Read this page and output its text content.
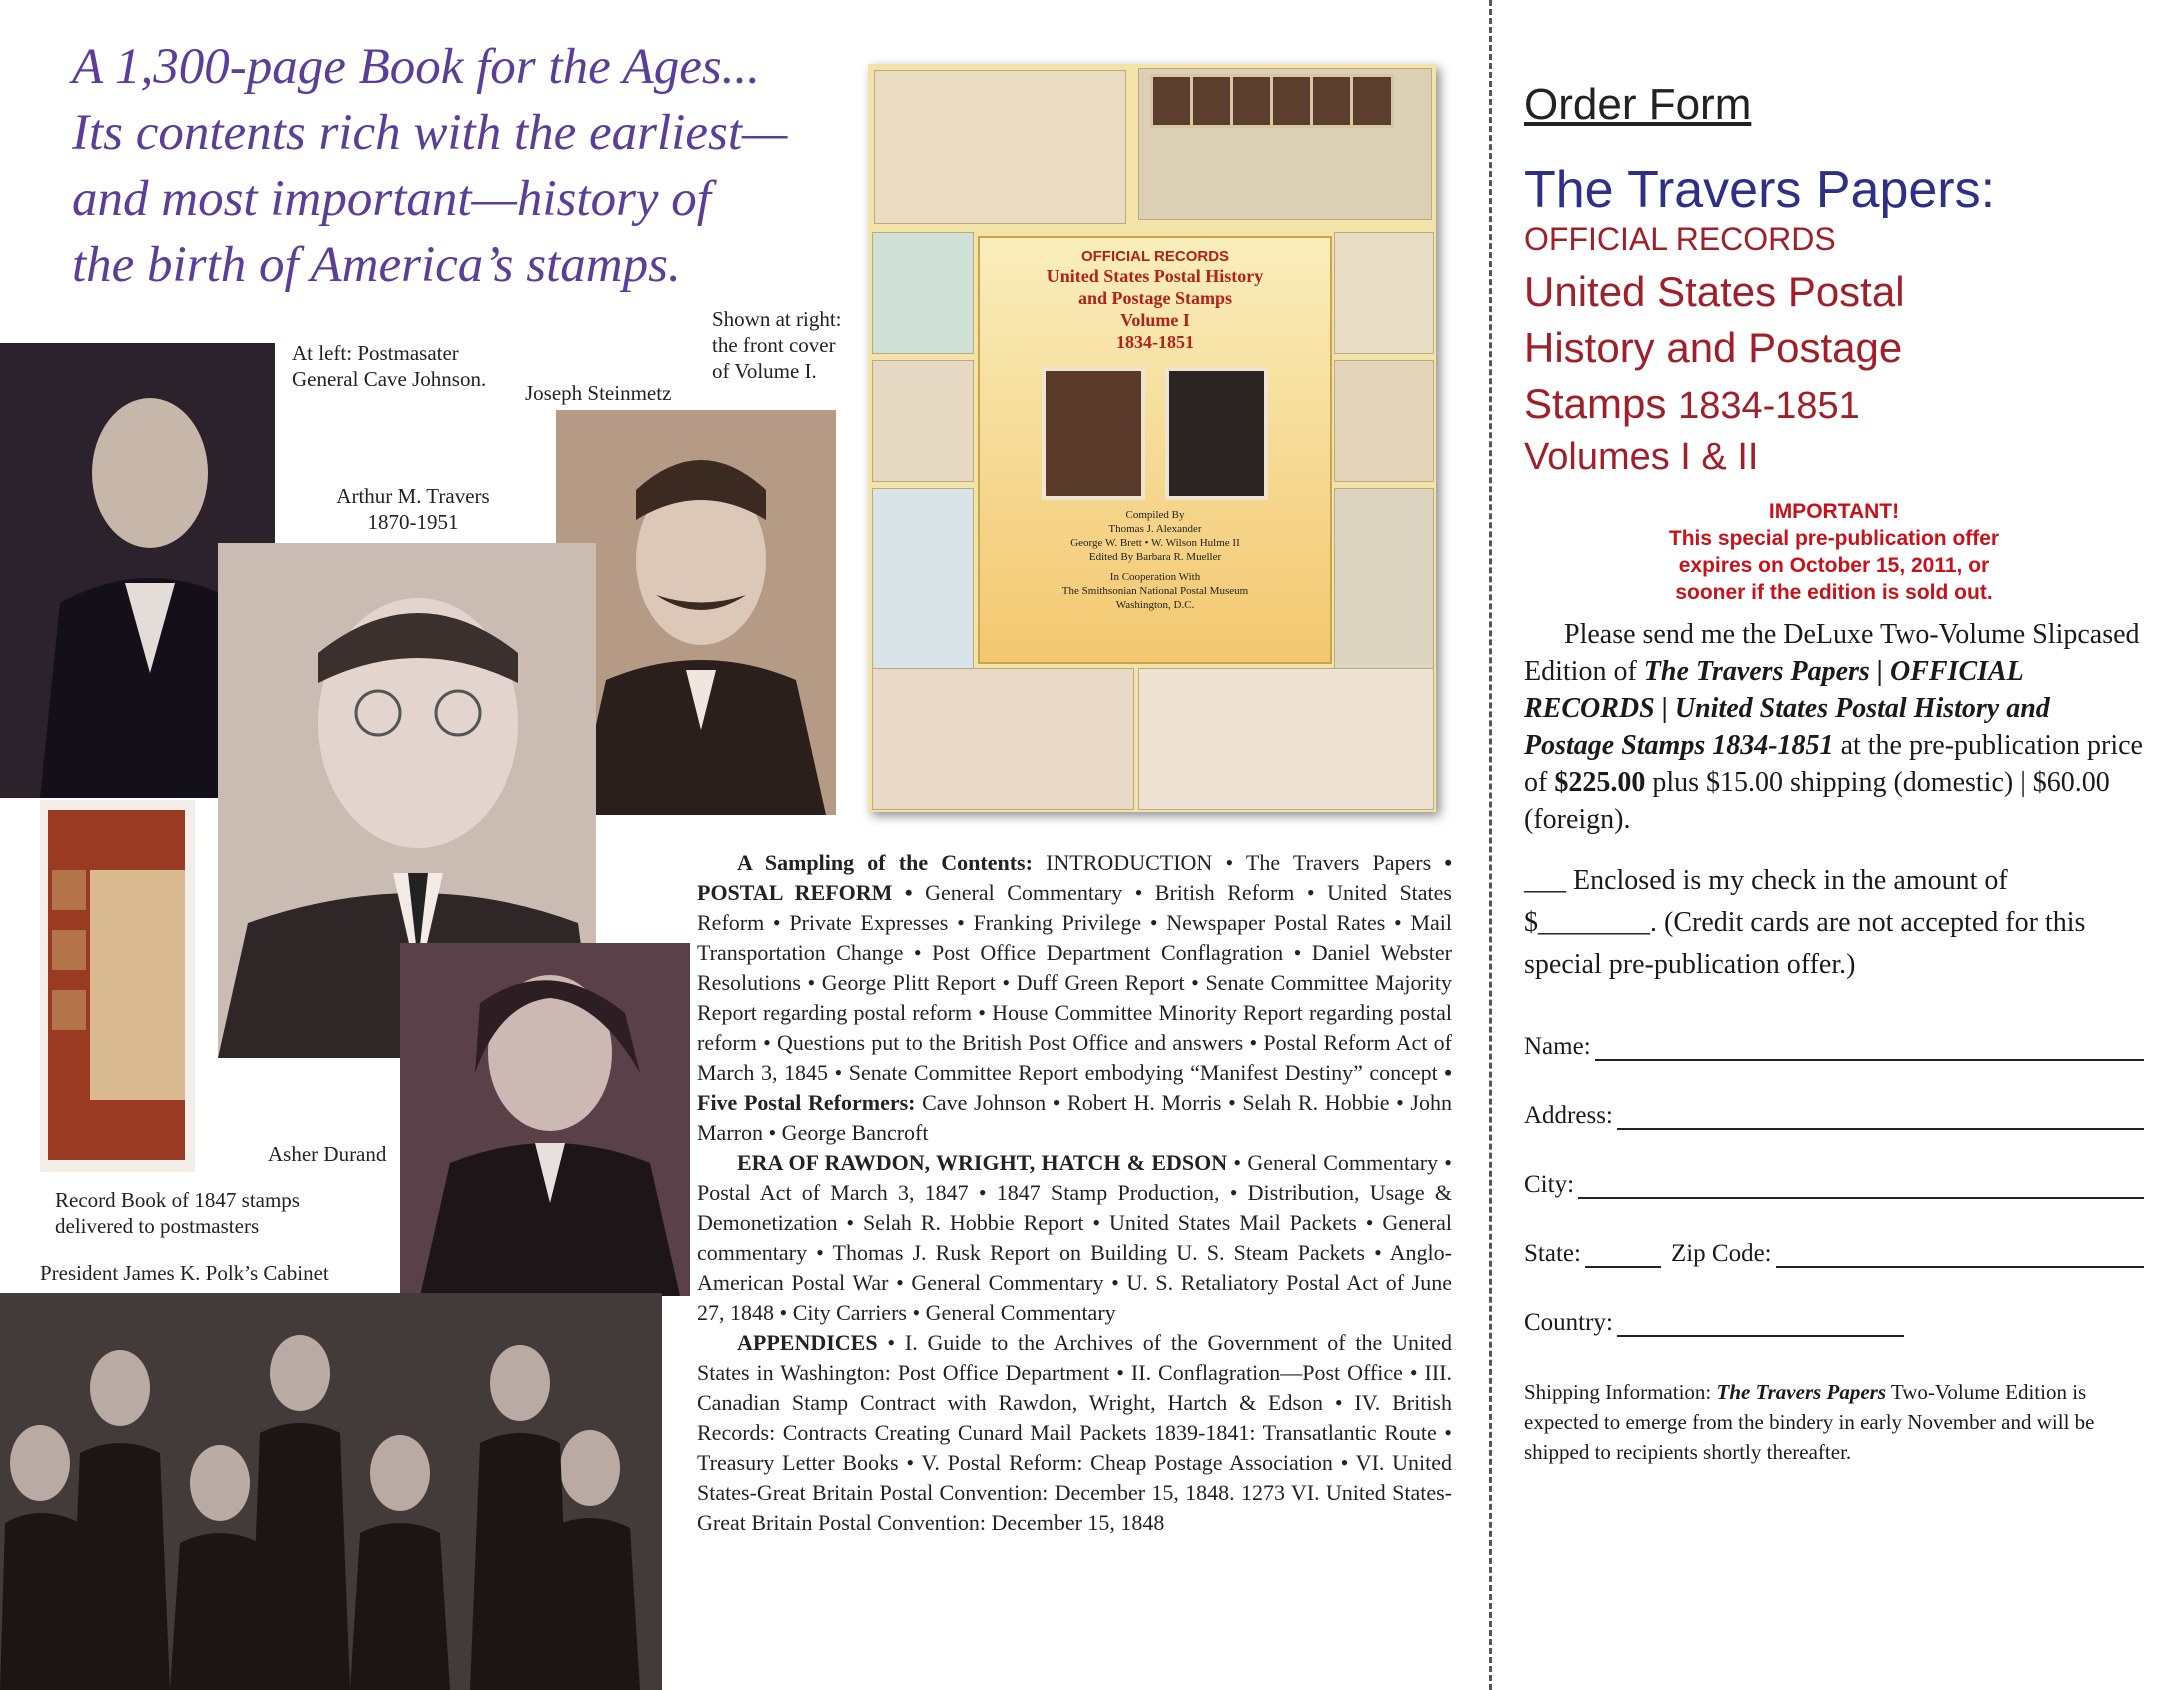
A 1,300-page Book for the Ages...
Its contents rich with the earliest—
and most important—history of
the birth of America’s stamps.
At left: Postmasater General Cave Johnson.
Shown at right:
the front cover
of Volume I.
Joseph Steinmetz
Arthur M. Travers
1870-1951
Asher Durand
Record Book of 1847 stamps
delivered to postmasters
President James K. Polk’s Cabinet
OFFICIAL RECORDS
United States Postal History
and Postage Stamps
Volume I
1834-1851
Compiled By
Thomas J. Alexander
George W. Brett • W. Wilson Hulme II
Edited By Barbara R. Mueller
In Cooperation With
The Smithsonian National Postal Museum
Washington, D.C.

A Sampling of the Contents: INTRODUCTION • The Travers Papers • POSTAL REFORM • General Commentary • British Reform • United States Reform • Private Expresses • Franking Privilege • Newspaper Postal Rates • Mail Transportation Change • Post Office Department Conflagration • Daniel Webster Resolutions • George Plitt Report • Duff Green Report • Senate Committee Majority Report regarding postal reform • House Committee Minority Report regarding postal reform • Questions put to the British Post Office and answers • Postal Reform Act of March 3, 1845 • Senate Committee Report embodying “Manifest Destiny” concept • Five Postal Reformers: Cave Johnson • Robert H. Morris • Selah R. Hobbie • John Marron • George Bancroft

ERA OF RAWDON, WRIGHT, HATCH & EDSON • General Commentary • Postal Act of March 3, 1847 • 1847 Stamp Production, • Distribution, Usage & Demonetization • Selah R. Hobbie Report • United States Mail Packets • General commentary • Thomas J. Rusk Report on Building U. S. Steam Packets • Anglo-American Postal War • General Commentary • U. S. Retaliatory Postal Act of June 27, 1848 • City Carriers • General Commentary

APPENDICES • I. Guide to the Archives of the Government of the United States in Washington: Post Office Department • II. Conflagration—Post Office • III. Canadian Stamp Contract with Rawdon, Wright, Hartch & Edson • IV. British Records: Contracts Creating Cunard Mail Packets 1839-1841: Transatlantic Route • Treasury Letter Books • V. Postal Reform: Cheap Postage Association • VI. United States-Great Britain Postal Convention: December 15, 1848. 1273 VI. United States-Great Britain Postal Convention: December 15, 1848

Order Form
The Travers Papers:
OFFICIAL RECORDS
United States Postal
History and Postage
Stamps 1834-1851
Volumes I & II
IMPORTANT!
This special pre-publication offer
expires on October 15, 2011, or
sooner if the edition is sold out.
Please send me the DeLuxe Two-Volume Slipcased Edition of The Travers Papers | OFFICIAL RECORDS | United States Postal History and Postage Stamps 1834-1851 at the pre-publication price of $225.00 plus $15.00 shipping (domestic) | $60.00 (foreign).
___ Enclosed is my check in the amount of
$________. (Credit cards are not accepted for this special pre-publication offer.)
Name:
Address:
City:
State:	Zip Code:
Country:
Shipping Information: The Travers Papers Two-Volume Edition is expected to emerge from the bindery in early November and will be shipped to recipients shortly thereafter.
